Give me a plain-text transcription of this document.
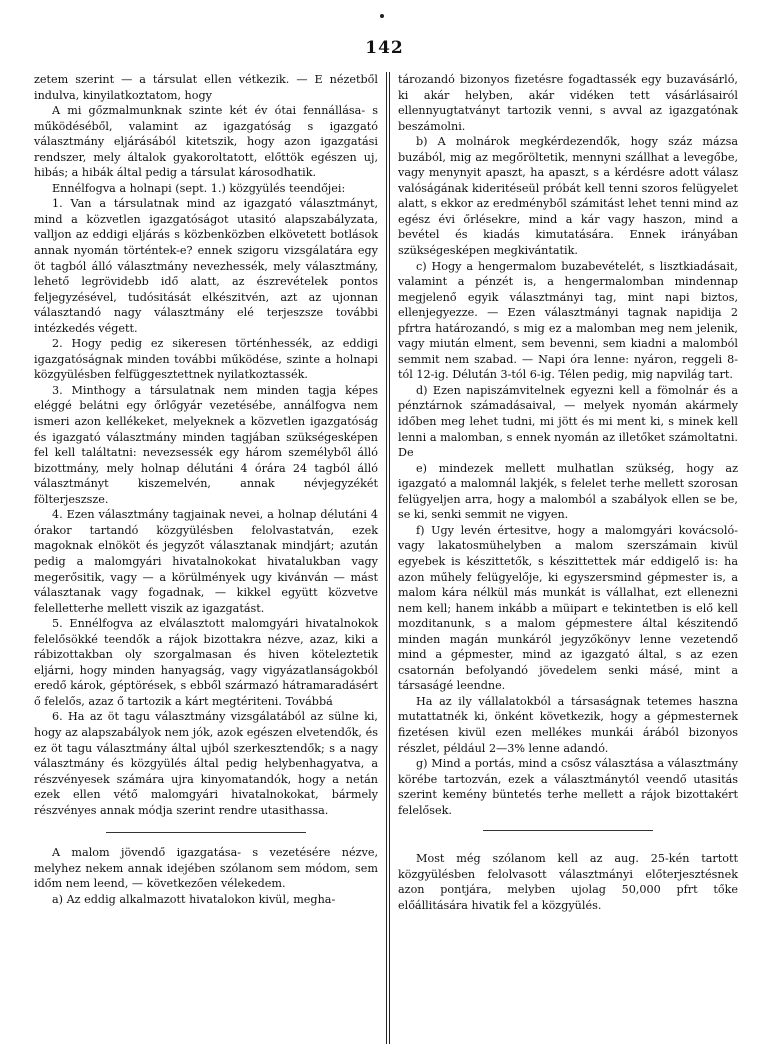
142

zetem szerint — a társulat ellen vétkezik. — E nézetből indulva, kinyilatkoztatom, hogy

A mi gőzmalmunknak szinte két év ótai fennállása- s működéséből, valamint az igazgatóság s igazgató választmány eljárásából kitetszik, hogy azon igazgatási rendszer, mely általok gyakoroltatott, előttök egészen uj, hibás; a hibák által pedig a társulat károsodhatik.

Ennélfogva a holnapi (sept. 1.) közgyülés teendőjei:

1. Van a társulatnak mind az igazgató választmányt, mind a közvetlen igazgatóságot utasitó alapszabályzata, valljon az eddigi eljárás s közbenközben elkövetett botlások annak nyomán történtek-e? ennek szigoru vizsgálatára egy öt tagból álló választmány nevezhessék, mely választmány, lehető legrövidebb idő alatt, az észrevételek pontos feljegyzésével, tudósitását elkészitvén, azt az ujonnan választandó nagy választmány elé terjeszsze további intézkedés végett.

2. Hogy pedig ez sikeresen történhessék, az eddigi igazgatóságnak minden további működése, szinte a holnapi közgyülésben felfüggesztettnek nyilatkoztassék.

3. Minthogy a társulatnak nem minden tagja képes eléggé belátni egy őrlőgyár vezetésébe, annálfogva nem ismeri azon kellékeket, melyeknek a közvetlen igazgatóság és igazgató választmány minden tagjában szükségesképen fel kell találtatni: nevezsessék egy három személyből álló bizottmány, mely holnap délutáni 4 órára 24 tagból álló választmányt kiszemelvén, annak névjegyzékét fölterjeszsze.

4. Ezen választmány tagjainak nevei, a holnap délutáni 4 órakor tartandó közgyülésben felolvastatván, ezek magoknak elnököt és jegyzőt választanak mindjárt; azután pedig a malomgyári hivatalnokokat hivatalukban vagy megerősitik, vagy — a körülmények ugy kivánván — mást választanak vagy fogadnak, — kikkel együtt közvetve felelletterhe mellett viszik az igazgatást.

5. Ennélfogva az elválasztott malomgyári hivatalnokok felelősökké teendők a rájok bizottakra nézve, azaz, kiki a rábizottakban oly szorgalmasan és hiven köteleztetik eljárni, hogy minden hanyagság, vagy vigyázatlanságokból eredő károk, géptörések, s ebből származó hátramaradásért ő felelős, azaz ő tartozik a kárt megtériteni. Továbbá

6. Ha az öt tagu választmány vizsgálatából az sülne ki, hogy az alapszabályok nem jók, azok egészen elvetendők, és ez öt tagu választmány által ujból szerkesztendők; s a nagy választmány és közgyülés által pedig helybenhagyatva, a részvényesek számára ujra kinyomatandók, hogy a netán ezek ellen vétő malomgyári hivatalnokokat, bármely részvényes annak módja szerint rendre utasithassa.

A malom jövendő igazgatása- s vezetésére nézve, melyhez nekem annak idejében szólanom sem módom, sem időm nem leend, — következően vélekedem.

a) Az eddig alkalmazott hivatalokon kivül, megha-

tározandó bizonyos fizetésre fogadtassék egy buzavásárló, ki akár helyben, akár vidéken tett vásárlásairól ellennyugtatványt tartozik venni, s avval az igazgatónak beszámolni.

b) A molnárok megkérdezendők, hogy száz mázsa buzából, mig az megőröltetik, mennyni szállhat a levegőbe, vagy menynyit apaszt, ha apaszt, s a kérdésre adott válasz valóságának kideritéseül próbát kell tenni szoros felügyelet alatt, s ekkor az eredményből számitást lehet tenni mind az egész évi őrlésekre, mind a kár vagy haszon, mind a bevétel és kiadás kimutatására. Ennek irányában szükségesképen megkivántatik.

c) Hogy a hengermalom buzabevételét, s lisztkiadásait, valamint a pénzét is, a hengermalomban mindennap megjelenő egyik választmányi tag, mint napi biztos, ellenjegyezze. — Ezen választmányi tagnak napidija 2 pfrtra határozandó, s mig ez a malomban meg nem jelenik, vagy miután elment, sem bevenni, sem kiadni a malomból semmit nem szabad. — Napi óra lenne: nyáron, reggeli 8-tól 12-ig. Délután 3-tól 6-ig. Télen pedig, mig napvilág tart.

d) Ezen napiszámvitelnek egyezni kell a fömolnár és a pénztárnok számadásaival, — melyek nyomán akármely időben meg lehet tudni, mi jött és mi ment ki, s minek kell lenni a malomban, s ennek nyomán az illetőket számoltatni. De

e) mindezek mellett mulhatlan szükség, hogy az igazgató a malomnál lakjék, s felelet terhe mellett szorosan felügyeljen arra, hogy a malomból a szabályok ellen se be, se ki, senki semmit ne vigyen.

f) Ugy levén értesitve, hogy a malomgyári kovácsoló- vagy lakatosmühelyben a malom szerszámain kivül egyebek is készittetők, s készittettek már eddigelő is: ha azon műhely felügyelője, ki egyszersmind gépmester is, a malom kára nélkül más munkát is vállalhat, ezt ellenezni nem kell; hanem inkább a müipart e tekintetben is elő kell mozditanunk, s a malom gépmestere által készitendő minden magán munkáról jegyzőkönyv lenne vezetendő mind a gépmester, mind az igazgató által, s az ezen csatornán befolyandó jövedelem senki másé, mint a társaságé leendne.

Ha az ily vállalatokból a társaságnak tetemes haszna mutattatnék ki, önként következik, hogy a gépmesternek fizetésen kivül ezen mellékes munkái árából bizonyos részlet, például 2—3% lenne adandó.

g) Mind a portás, mind a csősz választása a választmány körébe tartozván, ezek a választmánytól veendő utasitás szerint kemény büntetés terhe mellett a rájok bizottakért felelősek.

Most még szólanom kell az aug. 25-kén tartott közgyülésben felolvasott választmányi előterjesztésnek azon pontjára, melyben ujolag 50,000 pfrt tőke előállitására hivatik fel a közgyülés.
